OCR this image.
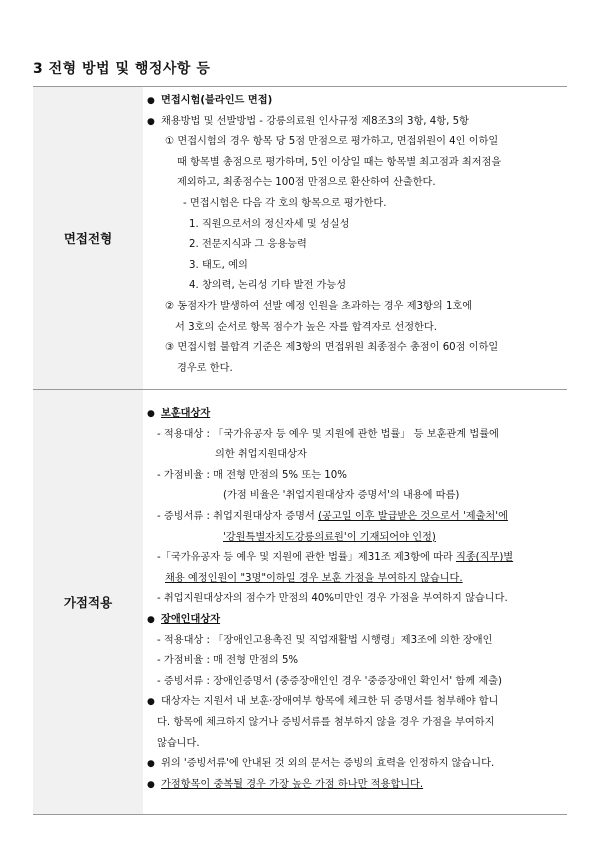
3 전형 방법 및 행정사항 등
면접전형
● 면접시험(블라인드 면접)
● 채용방법 및 선발방법 - 강릉의료원 인사규정 제8조3의 3항, 4항, 5항
① 면접시험의 경우 항목 당 5점 만점으로 평가하고, 면접위원이 4인 이하일
때 항목별 총점으로 평가하며, 5인 이상일 때는 항목별 최고점과 최저점을
제외하고, 최종점수는 100점 만점으로 환산하여 산출한다.
- 면접시험은 다음 각 호의 항목으로 평가한다.
1. 직원으로서의 정신자세 및 성실성
2. 전문지식과 그 응용능력
3. 태도, 예의
4. 창의력, 논리성 기타 발전 가능성
② 동점자가 발생하여 선발 예정 인원을 초과하는 경우 제3항의 1호에
서 3호의 순서로 항목 점수가 높은 자를 합격자로 선정한다.
③ 면접시험 불합격 기준은 제3항의 면접위원 최종점수 총점이 60점 이하일
경우로 한다.
가점적용
● 보훈대상자
- 적용대상 : 「국가유공자 등 예우 및 지원에 관한 법률」 등 보훈관계 법률에
의한 취업지원대상자
- 가점비율 : 매 전형 만점의 5% 또는 10%
(가점 비율은 '취업지원대상자 증명서'의 내용에 따름)
- 증빙서류 : 취업지원대상자 증명서 (공고일 이후 발급받은 것으로서 '제출처'에
'강원특별자치도강릉의료원'이 기재되어야 인정)
-「국가유공자 등 예우 및 지원에 관한 법률」제31조 제3항에 따라 직종(직무)별
채용 예정인원이 "3명"이하일 경우 보훈 가점을 부여하지 않습니다.
- 취업지원대상자의 점수가 만점의 40%미만인 경우 가점을 부여하지 않습니다.
● 장애인대상자
- 적용대상 : 「장애인고용촉진 및 직업재활법 시행령」제3조에 의한 장애인
- 가점비율 : 매 전형 만점의 5%
- 증빙서류 : 장애인증명서 (중증장애인인 경우 '중증장애인 확인서' 함께 제출)
● 대상자는 지원서 내 보훈·장애여부 항목에 체크한 뒤 증명서를 첨부해야 합니
다. 항목에 체크하지 않거나 증빙서류를 첨부하지 않을 경우 가점을 부여하지
않습니다.
● 위의 '증빙서류'에 안내된 것 외의 문서는 증빙의 효력을 인정하지 않습니다.
● 가점항목이 중복될 경우 가장 높은 가점 하나만 적용합니다.
